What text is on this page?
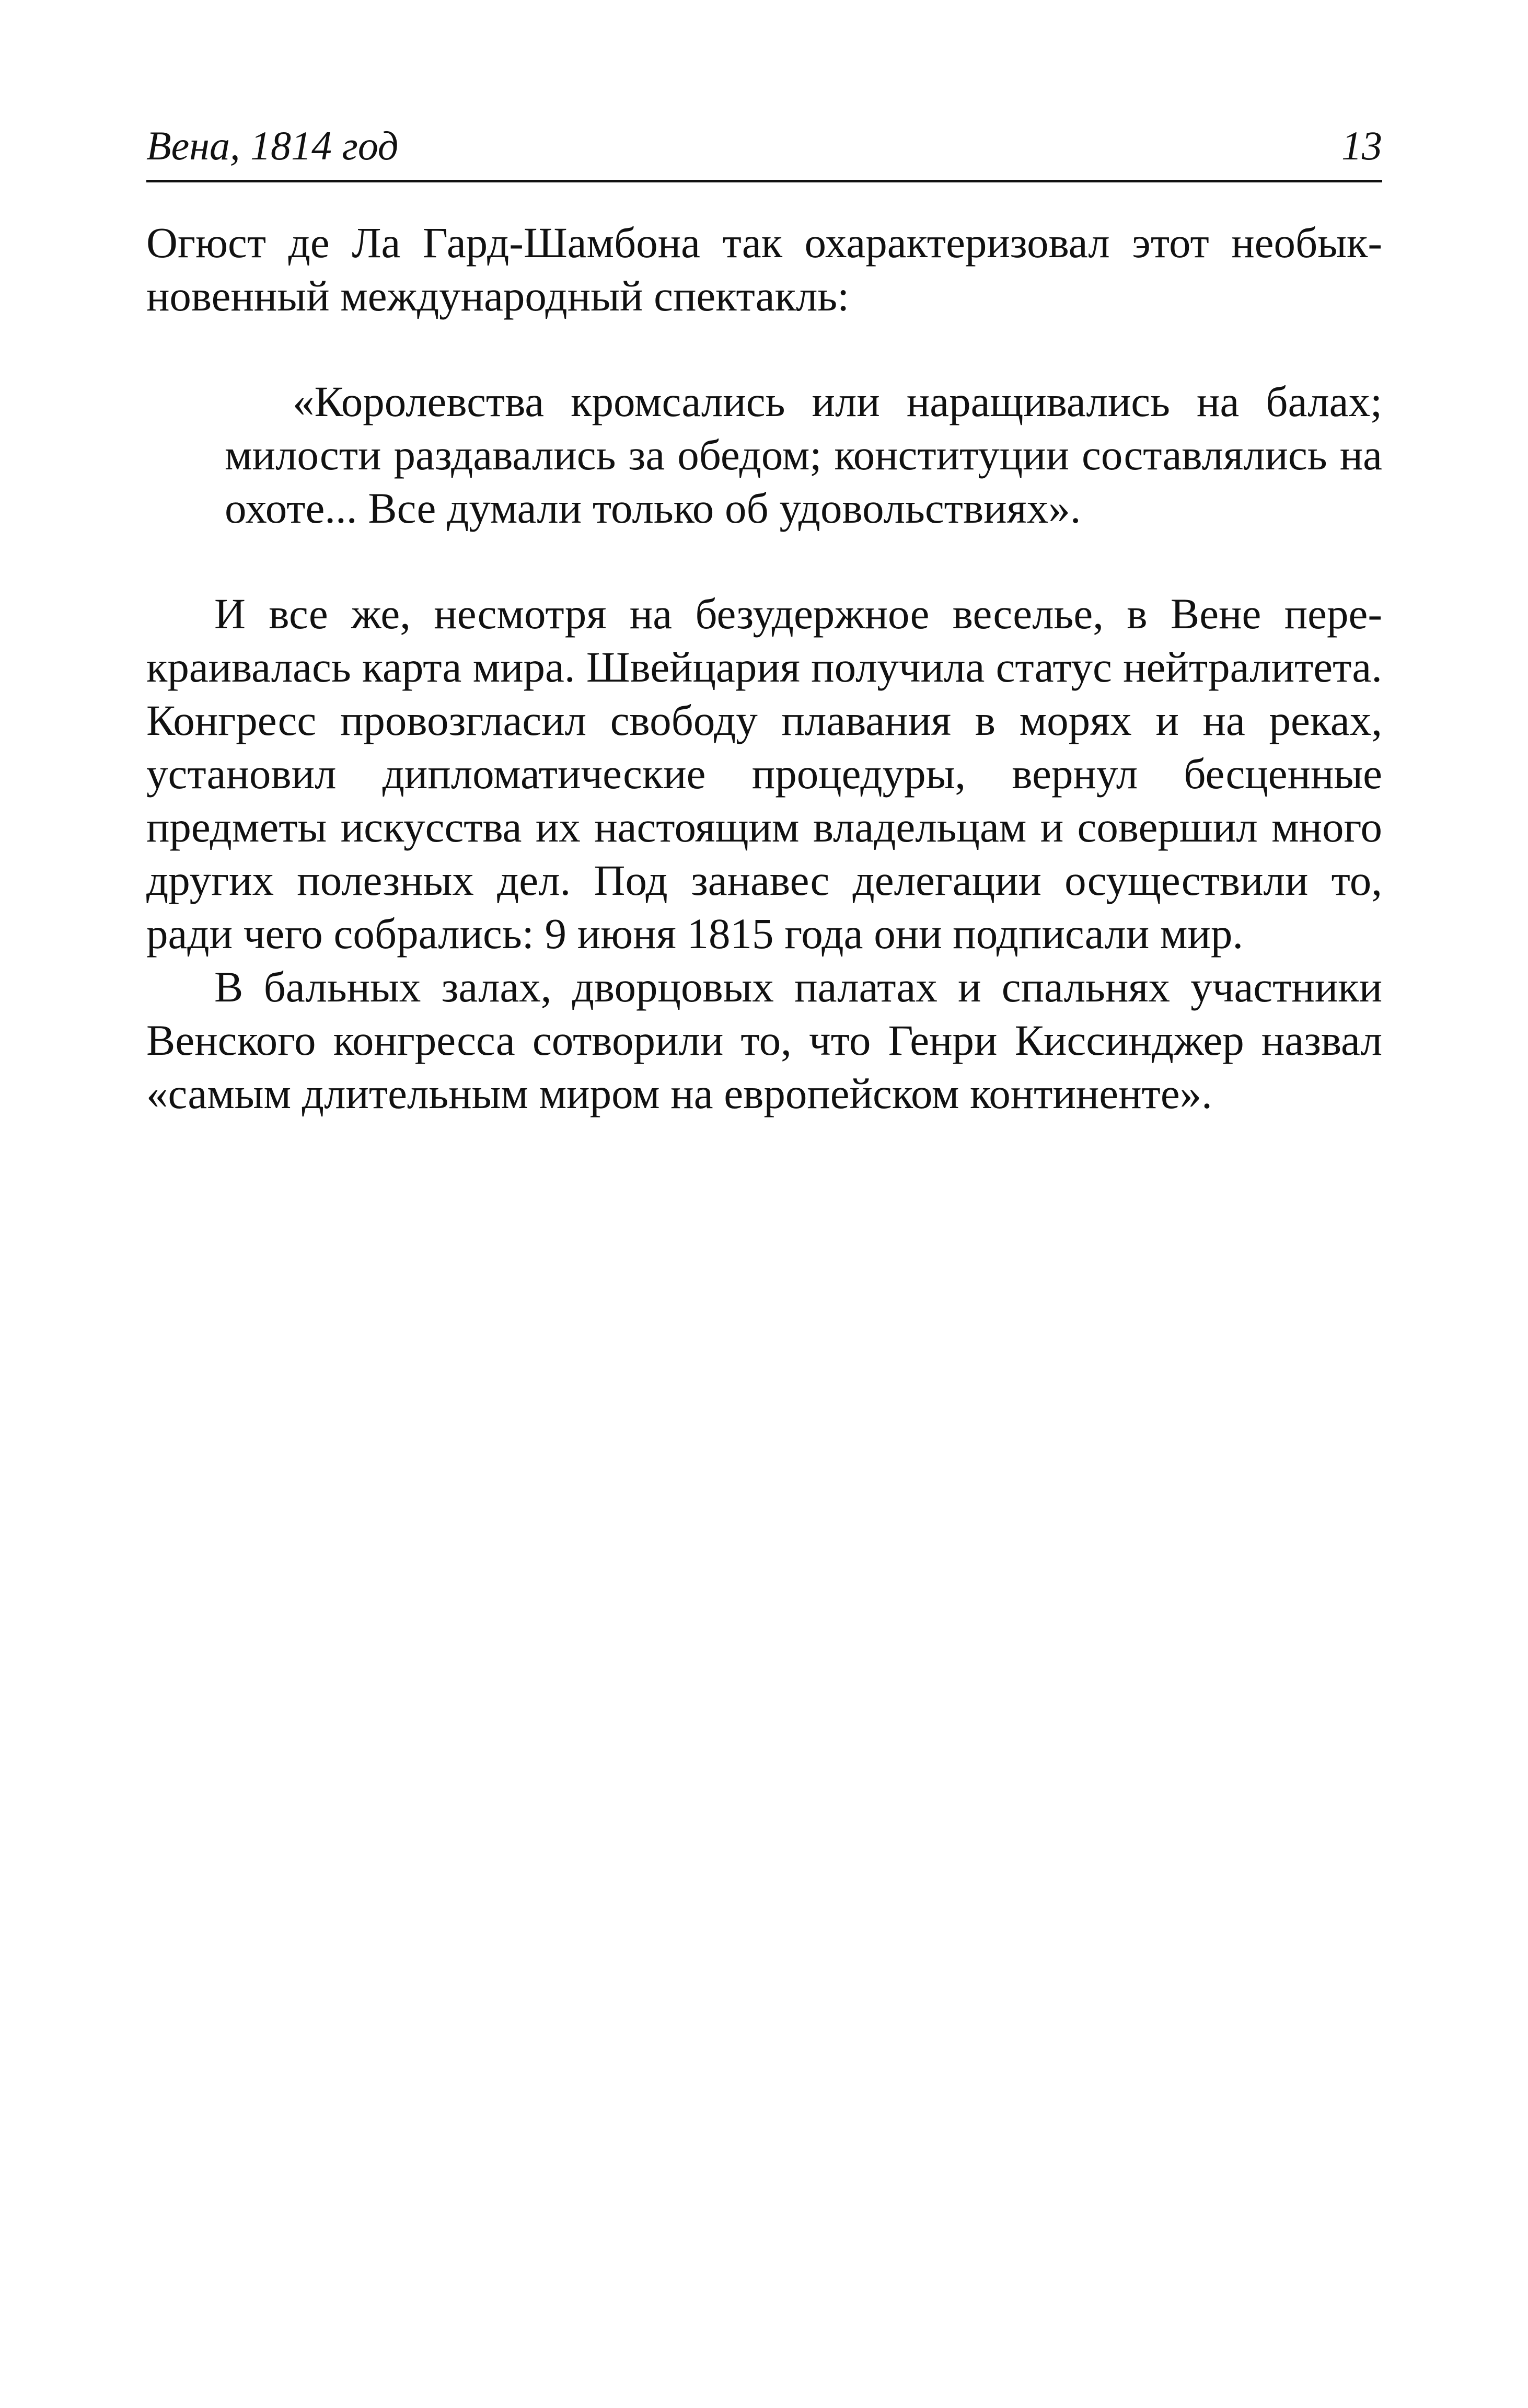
Вена, 1814 год	13

Огюст де Ла Гард-Шамбона так охарактеризовал этот необыкновенный международный спектакль:

«Королевства кромсались или наращивались на балах; милости раздавались за обедом; конституции составлялись на охоте... Все думали только об удовольствиях».

И все же, несмотря на безудержное веселье, в Вене перекраивалась карта мира. Швейцария получила статус нейтралитета. Конгресс провозгласил свободу плавания в морях и на реках, установил дипломатические процедуры, вернул бесценные предметы искусства их настоящим владельцам и совершил много других полезных дел. Под занавес делегации осуществили то, ради чего собрались: 9 июня 1815 года они подписали мир.

В бальных залах, дворцовых палатах и спальнях участники Венского конгресса сотворили то, что Генри Киссинджер назвал «самым длительным миром на европейском континенте».
